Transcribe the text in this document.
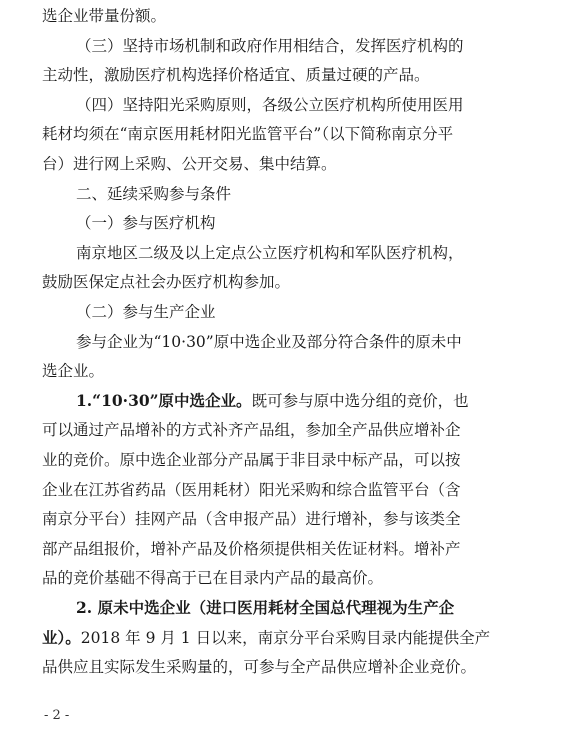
选企业带量份额。
（三）坚持市场机制和政府作用相结合，发挥医疗机构的
主动性，激励医疗机构选择价格适宜、质量过硬的产品。
（四）坚持阳光采购原则，各级公立医疗机构所使用医用
耗材均须在“南京医用耗材阳光监管平台”（以下简称南京分平
台）进行网上采购、公开交易、集中结算。
二、延续采购参与条件
（一）参与医疗机构
南京地区二级及以上定点公立医疗机构和军队医疗机构，
鼓励医保定点社会办医疗机构参加。
（二）参与生产企业
参与企业为“10·30”原中选企业及部分符合条件的原未中
选企业。
1.“10·30”原中选企业。既可参与原中选分组的竞价，也
可以通过产品增补的方式补齐产品组，参加全产品供应增补企
业的竞价。原中选企业部分产品属于非目录中标产品，可以按
企业在江苏省药品（医用耗材）阳光采购和综合监管平台（含
南京分平台）挂网产品（含申报产品）进行增补，参与该类全
部产品组报价，增补产品及价格须提供相关佐证材料。增补产
品的竞价基础不得高于已在目录内产品的最高价。
2. 原未中选企业（进口医用耗材全国总代理视为生产企
业）。2018 年 9 月 1 日以来，南京分平台采购目录内能提供全产
品供应且实际发生采购量的，可参与全产品供应增补企业竞价。
- 2 -
